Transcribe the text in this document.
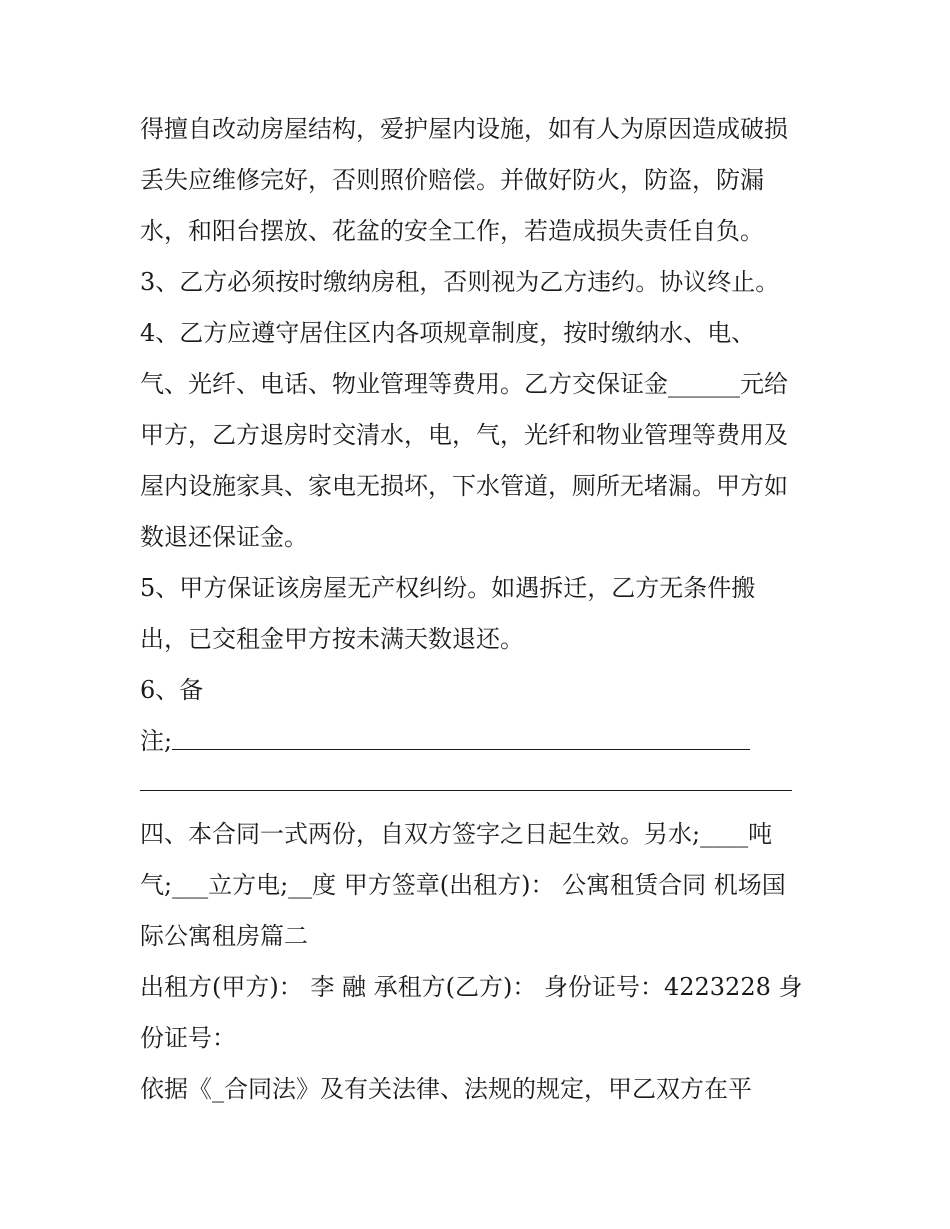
得擅自改动房屋结构，爱护屋内设施，如有人为原因造成破损
丢失应维修完好，否则照价赔偿。并做好防火，防盗，防漏
水，和阳台摆放、花盆的安全工作，若造成损失责任自负。
3、乙方必须按时缴纳房租，否则视为乙方违约。协议终止。
4、乙方应遵守居住区内各项规章制度，按时缴纳水、电、
气、光纤、电话、物业管理等费用。乙方交保证金______元给
甲方，乙方退房时交清水，电，气，光纤和物业管理等费用及
屋内设施家具、家电无损坏，下水管道，厕所无堵漏。甲方如
数退还保证金。
5、甲方保证该房屋无产权纠纷。如遇拆迁，乙方无条件搬
出，已交租金甲方按未满天数退还。
6、备
注;
四、本合同一式两份，自双方签字之日起生效。另水;____吨
气;___立方电;__度 甲方签章(出租方)： 公寓租赁合同 机场国
际公寓租房篇二
出租方(甲方)： 李 融 承租方(乙方)： 身份证号：4223228 身
份证号：
依据《_合同法》及有关法律、法规的规定，甲乙双方在平
